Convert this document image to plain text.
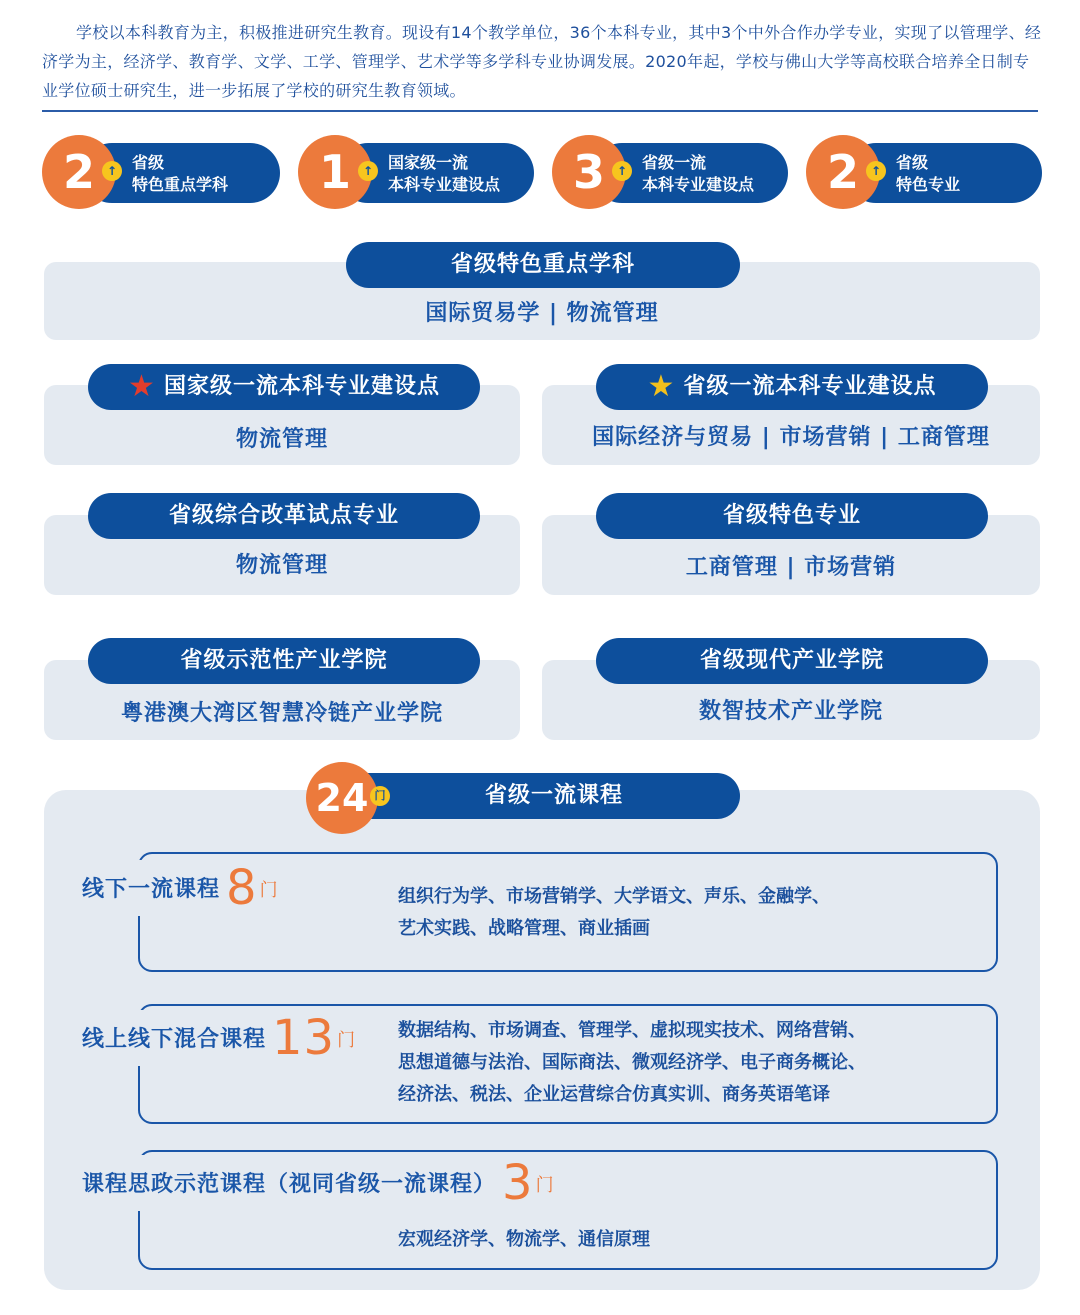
学校以本科教育为主，积极推进研究生教育。现设有14个教学单位，36个本科专业，其中3个中外合作办学专业，实现了以管理学、经济学为主，经济学、教育学、文学、工学、管理学、艺术学等多学科专业协调发展。2020年起，学校与佛山大学等高校联合培养全日制专业学位硕士研究生，进一步拓展了学校的研究生教育领域。

2 ↑ 省级
特色重点学科	1 ↑ 国家级一流
本科专业建设点	3 ↑ 省级一流
本科专业建设点	2 ↑ 省级
特色专业
省级特色重点学科
国际贸易学 | 物流管理
★ 国家级一流本科专业建设点
物流管理
★ 省级一流本科专业建设点
国际经济与贸易 | 市场营销 | 工商管理
省级综合改革试点专业
物流管理
省级特色专业
工商管理 | 市场营销
省级示范性产业学院
粤港澳大湾区智慧冷链产业学院
省级现代产业学院
数智技术产业学院
省级一流课程
24 门
线下一流课程 8 门	组织行为学、市场营销学、大学语文、声乐、金融学、
艺术实践、战略管理、商业插画
线上线下混合课程 13 门	数据结构、市场调查、管理学、虚拟现实技术、网络营销、
思想道德与法治、国际商法、微观经济学、电子商务概论、
经济法、税法、企业运营综合仿真实训、商务英语笔译
课程思政示范课程（视同省级一流课程） 3 门
宏观经济学、物流学、通信原理
